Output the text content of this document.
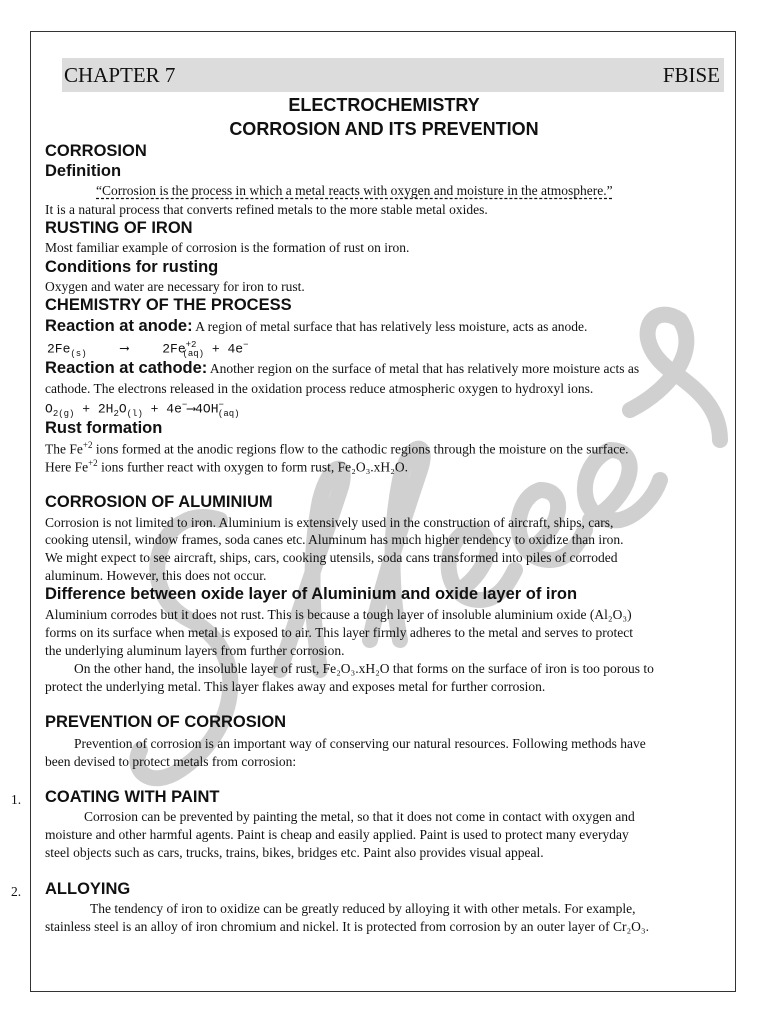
CHAPTER 7	FBISE
ELECTROCHEMISTRY
CORROSION AND ITS PREVENTION
CORROSION
Definition
“Corrosion is the process in which a metal reacts with oxygen and moisture in the atmosphere.”
It is a natural process that converts refined metals to the more stable metal oxides.
RUSTING OF IRON
Most familiar example of corrosion is the formation of rust on iron.
Conditions for rusting
Oxygen and water are necessary for iron to rust.
CHEMISTRY OF THE PROCESS
Reaction at anode: A region of metal surface that has relatively less moisture, acts as anode.
$2Fe_{(s)}$	⟶	$2Fe^{+2}_{(aq)} + 4e^-$
Reaction at cathode: Another region on the surface of metal that has relatively more moisture acts as
cathode. The electrons released in the oxidation process reduce atmospheric oxygen to hydroxyl ions.
$O_{2(g)} + 2H_2O_{(l)}$ + $4e^-⟶4OH^-_{(aq)}$
Rust formation
The $Fe^{+2}$ ions formed at the anodic regions flow to the cathodic regions through the moisture on the surface.
Here $Fe^{+2}$ ions further react with oxygen to form rust, Fe₂O₃.xH₂O.
CORROSION OF ALUMINIUM
Corrosion is not limited to iron. Aluminium is extensively used in the construction of aircraft, ships, cars,
cooking utensil, window frames, soda canes etc. Aluminum has much higher tendency to oxidize than iron.
We might expect to see aircraft, ships, cars, cooking utensils, soda cans transformed into piles of corroded
aluminum. However, this does not occur.
Difference between oxide layer of Aluminium and oxide layer of iron
Aluminium corrodes but it does not rust. This is because a tough layer of insoluble aluminium oxide (Al₂O₃)
forms on its surface when metal is exposed to air. This layer firmly adheres to the metal and serves to protect
the underlying aluminum layers from further corrosion.
On the other hand, the insoluble layer of rust, Fe₂O₃.xH₂O that forms on the surface of iron is too porous to
protect the underlying metal. This layer flakes away and exposes metal for further corrosion.
PREVENTION OF CORROSION
Prevention of corrosion is an important way of conserving our natural resources. Following methods have
been devised to protect metals from corrosion:
1. COATING WITH PAINT
Corrosion can be prevented by painting the metal, so that it does not come in contact with oxygen and
moisture and other harmful agents. Paint is cheap and easily applied. Paint is used to protect many everyday
steel objects such as cars, trucks, trains, bikes, bridges etc. Paint also provides visual appeal.
2. ALLOYING
The tendency of iron to oxidize can be greatly reduced by alloying it with other metals. For example,
stainless steel is an alloy of iron chromium and nickel. It is protected from corrosion by an outer layer of Cr₂O₃.
